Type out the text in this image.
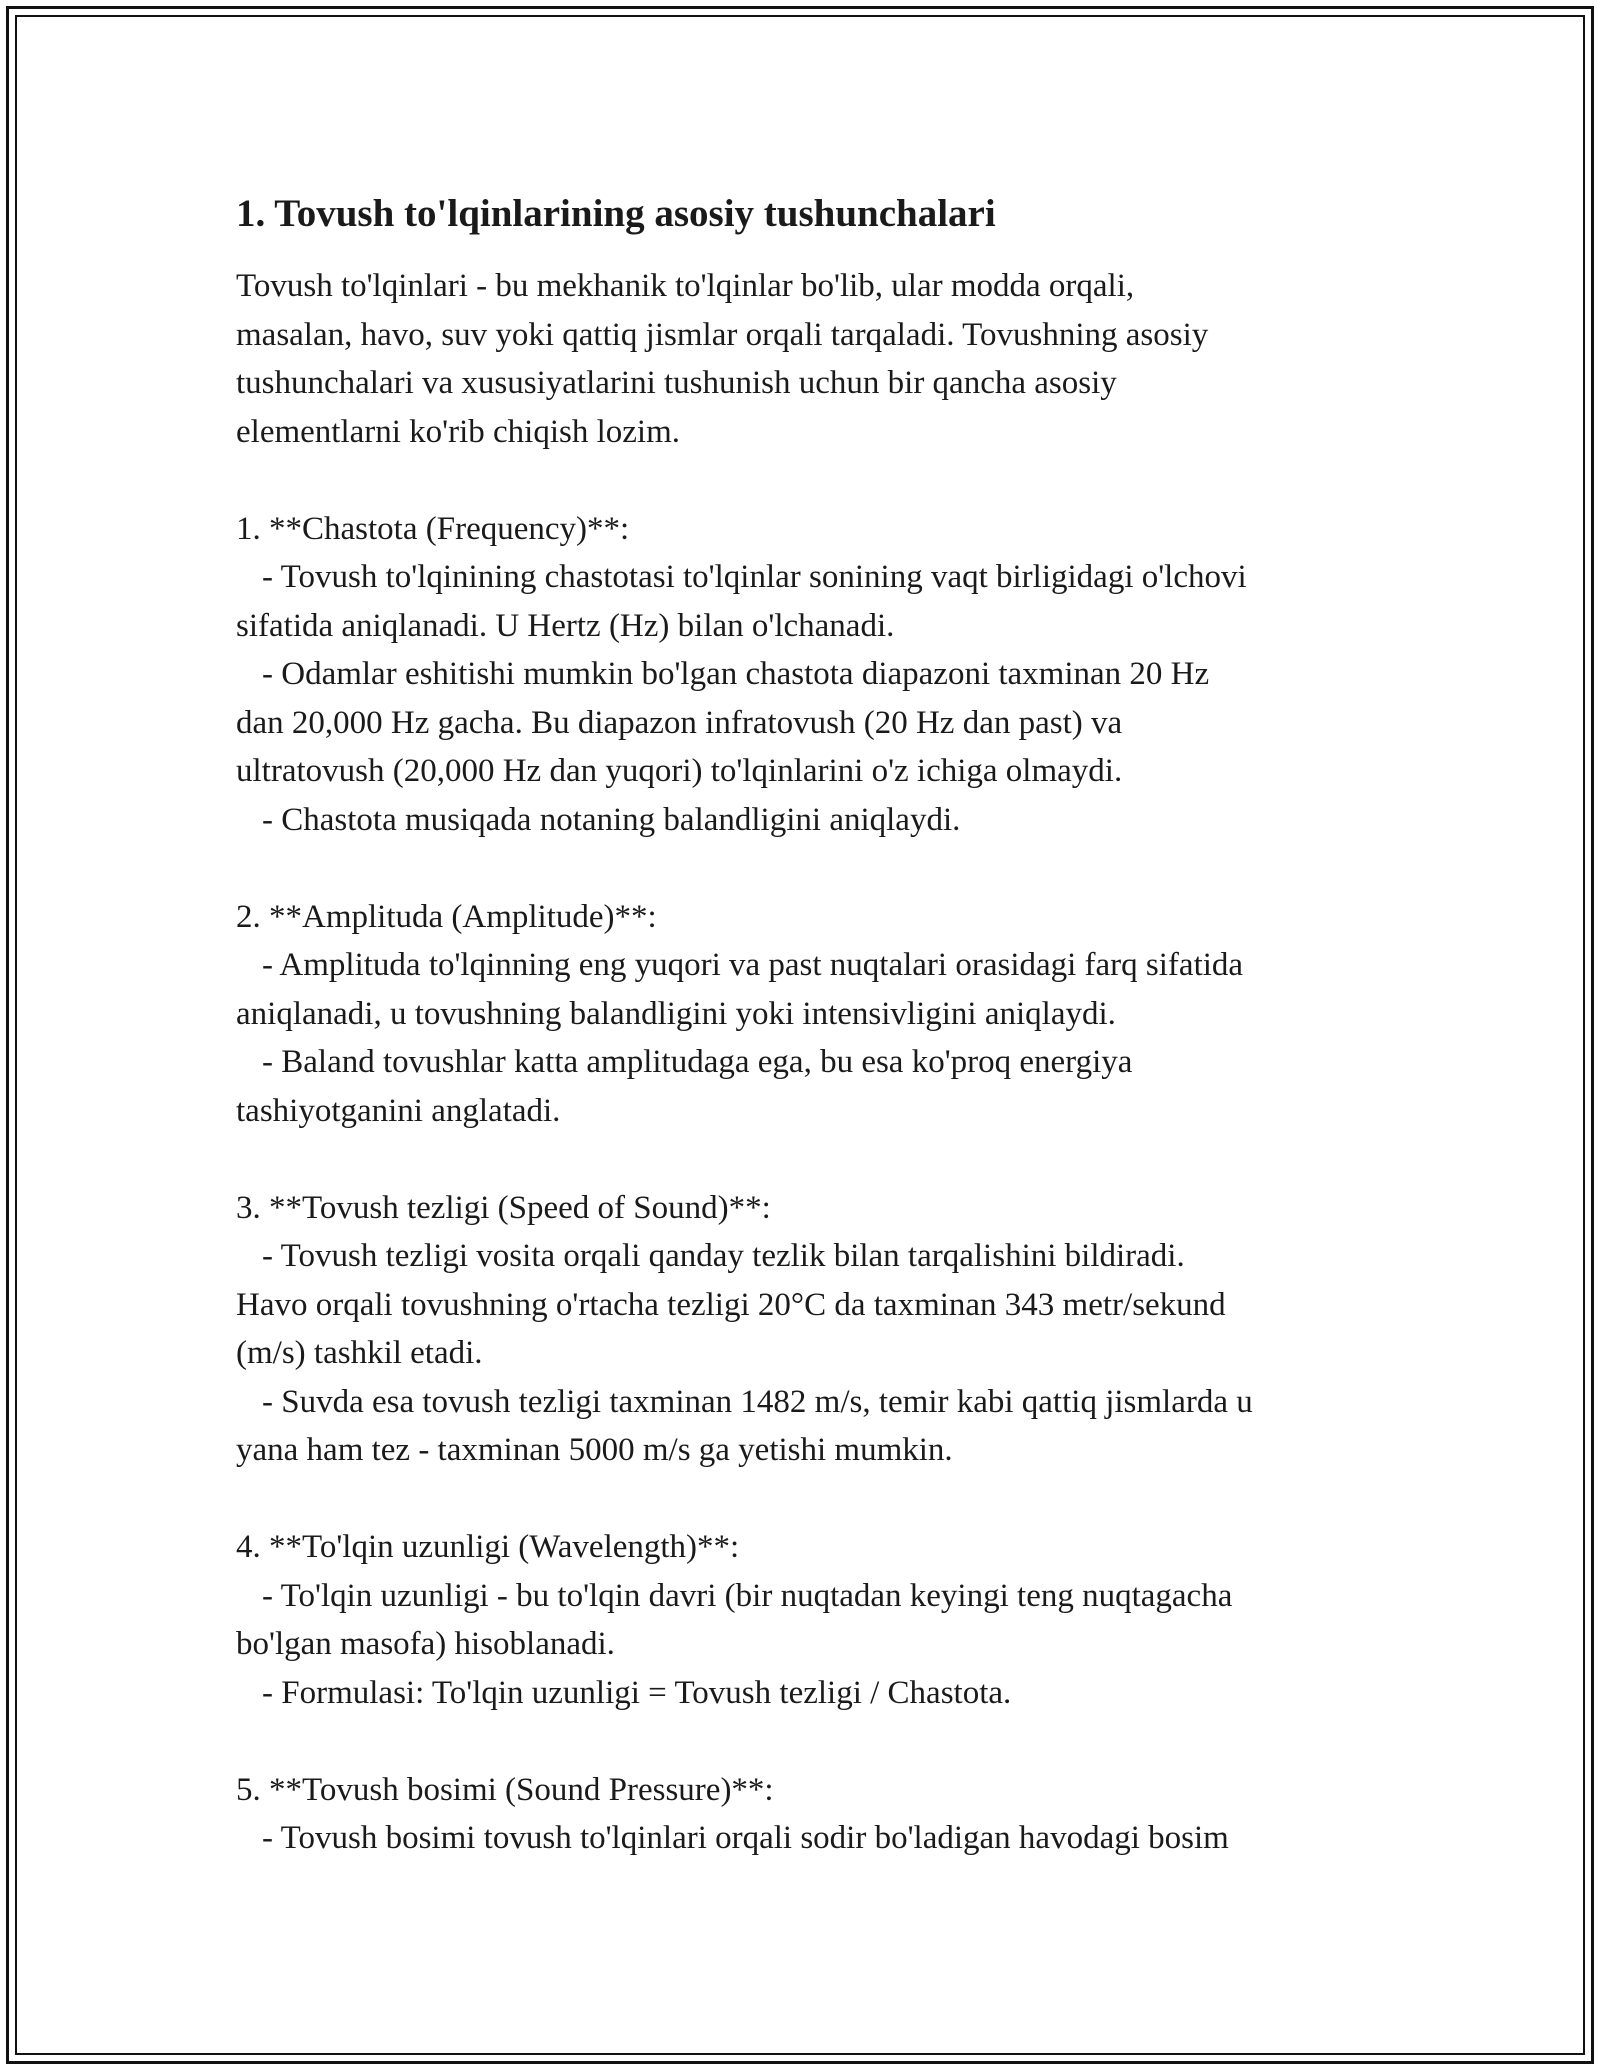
1. Tovush to'lqinlarining asosiy tushunchalari
Tovush to'lqinlari - bu mekhanik to'lqinlar bo'lib, ular modda orqali,
masalan, havo, suv yoki qattiq jismlar orqali tarqaladi. Tovushning asosiy
tushunchalari va xususiyatlarini tushunish uchun bir qancha asosiy
elementlarni ko'rib chiqish lozim.
1. **Chastota (Frequency)**:
- Tovush to'lqinining chastotasi to'lqinlar sonining vaqt birligidagi o'lchovi
sifatida aniqlanadi. U Hertz (Hz) bilan o'lchanadi.
- Odamlar eshitishi mumkin bo'lgan chastota diapazoni taxminan 20 Hz
dan 20,000 Hz gacha. Bu diapazon infratovush (20 Hz dan past) va
ultratovush (20,000 Hz dan yuqori) to'lqinlarini o'z ichiga olmaydi.
- Chastota musiqada notaning balandligini aniqlaydi.
2. **Amplituda (Amplitude)**:
- Amplituda to'lqinning eng yuqori va past nuqtalari orasidagi farq sifatida
aniqlanadi, u tovushning balandligini yoki intensivligini aniqlaydi.
- Baland tovushlar katta amplitudaga ega, bu esa ko'proq energiya
tashiyotganini anglatadi.
3. **Tovush tezligi (Speed of Sound)**:
- Tovush tezligi vosita orqali qanday tezlik bilan tarqalishini bildiradi.
Havo orqali tovushning o'rtacha tezligi 20°C da taxminan 343 metr/sekund
(m/s) tashkil etadi.
- Suvda esa tovush tezligi taxminan 1482 m/s, temir kabi qattiq jismlarda u
yana ham tez - taxminan 5000 m/s ga yetishi mumkin.
4. **To'lqin uzunligi (Wavelength)**:
- To'lqin uzunligi - bu to'lqin davri (bir nuqtadan keyingi teng nuqtagacha
bo'lgan masofa) hisoblanadi.
- Formulasi: To'lqin uzunligi = Tovush tezligi / Chastota.
5. **Tovush bosimi (Sound Pressure)**:
- Tovush bosimi tovush to'lqinlari orqali sodir bo'ladigan havodagi bosim
